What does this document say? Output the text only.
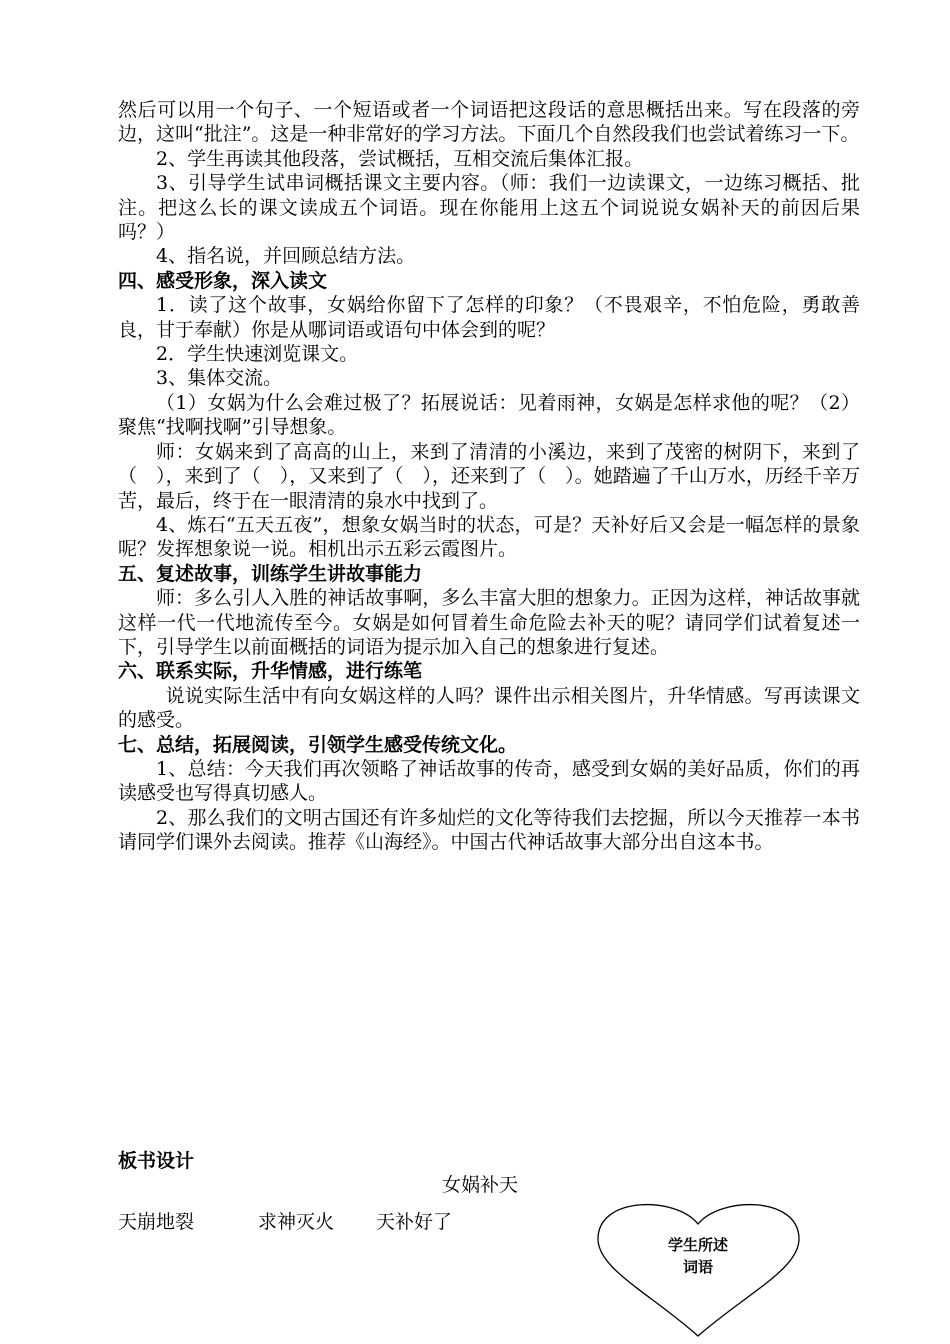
然后可以用一个句子、一个短语或者一个词语把这段话的意思概括出来。写在段落的旁边，这叫“批注”。这是一种非常好的学习方法。下面几个自然段我们也尝试着练习一下。

2、学生再读其他段落，尝试概括，互相交流后集体汇报。

3、引导学生试串词概括课文主要内容。（师：我们一边读课文，一边练习概括、批注。把这么长的课文读成五个词语。现在你能用上这五个词说说女娲补天的前因后果吗？）

4、指名说，并回顾总结方法。

四、感受形象，深入读文

1．读了这个故事，女娲给你留下了怎样的印象？（不畏艰辛，不怕危险，勇敢善良，甘于奉献）你是从哪词语或语句中体会到的呢？

2．学生快速浏览课文。

3、集体交流。

（1）女娲为什么会难过极了？拓展说话：见着雨神，女娲是怎样求他的呢？（2）聚焦“找啊找啊”引导想象。

师：女娲来到了高高的山上，来到了清清的小溪边，来到了茂密的树阴下，来到了（　），来到了（　），又来到了（　），还来到了（　）。她踏遍了千山万水，历经千辛万苦，最后，终于在一眼清清的泉水中找到了。

4、炼石“五天五夜”，想象女娲当时的状态，可是？天补好后又会是一幅怎样的景象呢？发挥想象说一说。相机出示五彩云霞图片。

五、复述故事，训练学生讲故事能力

师：多么引人入胜的神话故事啊，多么丰富大胆的想象力。正因为这样，神话故事就这样一代一代地流传至今。女娲是如何冒着生命危险去补天的呢？请同学们试着复述一下，引导学生以前面概括的词语为提示加入自己的想象进行复述。

六、联系实际，升华情感，进行练笔

说说实际生活中有向女娲这样的人吗？课件出示相关图片，升华情感。写再读课文的感受。

七、总结，拓展阅读，引领学生感受传统文化。

1、总结：今天我们再次领略了神话故事的传奇，感受到女娲的美好品质，你们的再读感受也写得真切感人。

2、那么我们的文明古国还有许多灿烂的文化等待我们去挖掘，所以今天推荐一本书请同学们课外去阅读。推荐《山海经》。中国古代神话故事大部分出自这本书。

板书设计
女娲补天
天崩地裂	求神灭火 天补好了
学生所述
词语
